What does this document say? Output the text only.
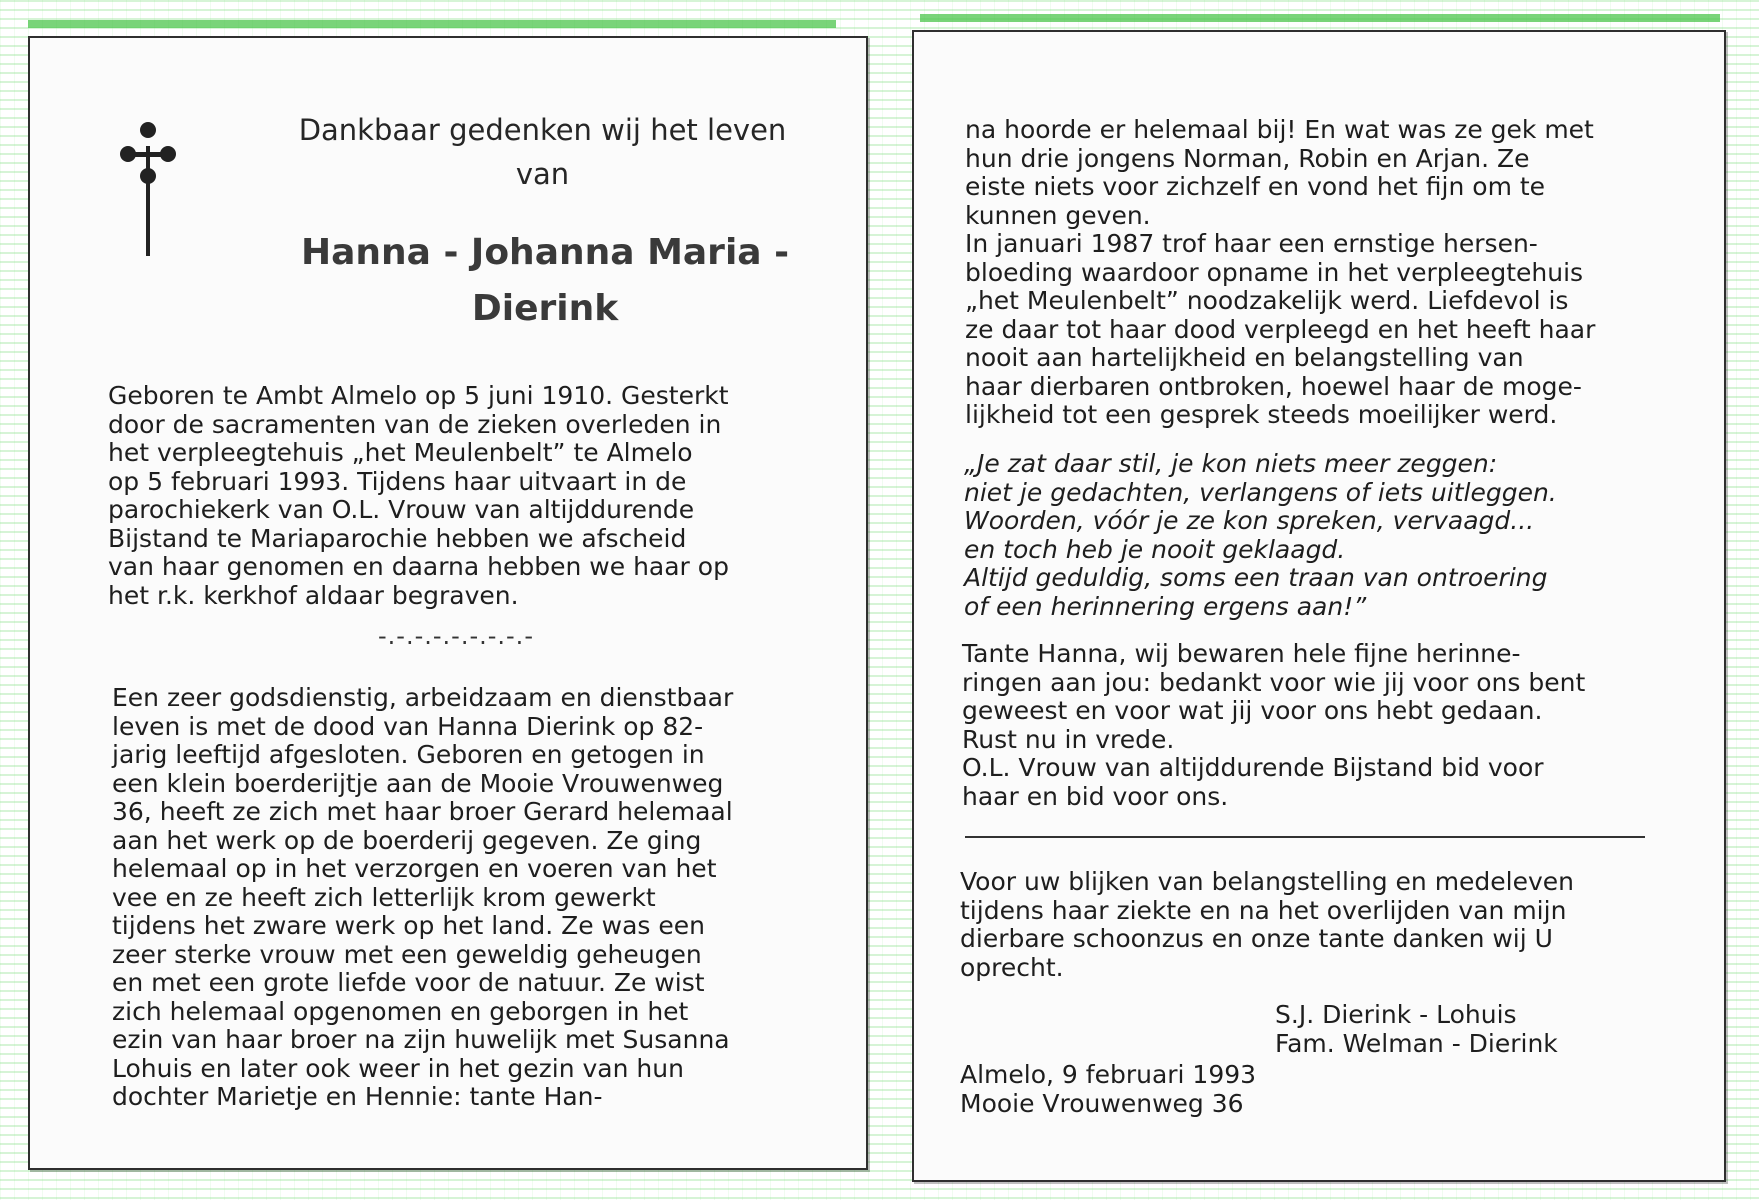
Dankbaar gedenken wij het leven
van
Hanna - Johanna Maria -
Dierink
Geboren te Ambt Almelo op 5 juni 1910. Gesterkt
door de sacramenten van de zieken overleden in
het verpleegtehuis „het Meulenbelt” te Almelo
op 5 februari 1993. Tijdens haar uitvaart in de
parochiekerk van O.L. Vrouw van altijddurende
Bijstand te Mariaparochie hebben we afscheid
van haar genomen en daarna hebben we haar op
het r.k. kerkhof aldaar begraven.
-.-.-.-.-.-.-.-.-
Een zeer godsdienstig, arbeidzaam en dienstbaar
leven is met de dood van Hanna Dierink op 82-
jarig leeftijd afgesloten. Geboren en getogen in
een klein boerderijtje aan de Mooie Vrouwenweg
36, heeft ze zich met haar broer Gerard helemaal
aan het werk op de boerderij gegeven. Ze ging
helemaal op in het verzorgen en voeren van het
vee en ze heeft zich letterlijk krom gewerkt
tijdens het zware werk op het land. Ze was een
zeer sterke vrouw met een geweldig geheugen
en met een grote liefde voor de natuur. Ze wist
zich helemaal opgenomen en geborgen in het
ezin van haar broer na zijn huwelijk met Susanna
Lohuis en later ook weer in het gezin van hun
dochter Marietje en Hennie: tante Han-
na hoorde er helemaal bij! En wat was ze gek met
hun drie jongens Norman, Robin en Arjan. Ze
eiste niets voor zichzelf en vond het fijn om te
kunnen geven.
In januari 1987 trof haar een ernstige hersen-
bloeding waardoor opname in het verpleegtehuis
„het Meulenbelt” noodzakelijk werd. Liefdevol is
ze daar tot haar dood verpleegd en het heeft haar
nooit aan hartelijkheid en belangstelling van
haar dierbaren ontbroken, hoewel haar de moge-
lijkheid tot een gesprek steeds moeilijker werd.
„Je zat daar stil, je kon niets meer zeggen:
niet je gedachten, verlangens of iets uitleggen.
Woorden, vóór je ze kon spreken, vervaagd...
en toch heb je nooit geklaagd.
Altijd geduldig, soms een traan van ontroering
of een herinnering ergens aan!”
Tante Hanna, wij bewaren hele fijne herinne-
ringen aan jou: bedankt voor wie jij voor ons bent
geweest en voor wat jij voor ons hebt gedaan.
Rust nu in vrede.
O.L. Vrouw van altijddurende Bijstand bid voor
haar en bid voor ons.
Voor uw blijken van belangstelling en medeleven
tijdens haar ziekte en na het overlijden van mijn
dierbare schoonzus en onze tante danken wij U
oprecht.
S.J. Dierink - Lohuis
Fam. Welman - Dierink
Almelo, 9 februari 1993
Mooie Vrouwenweg 36
